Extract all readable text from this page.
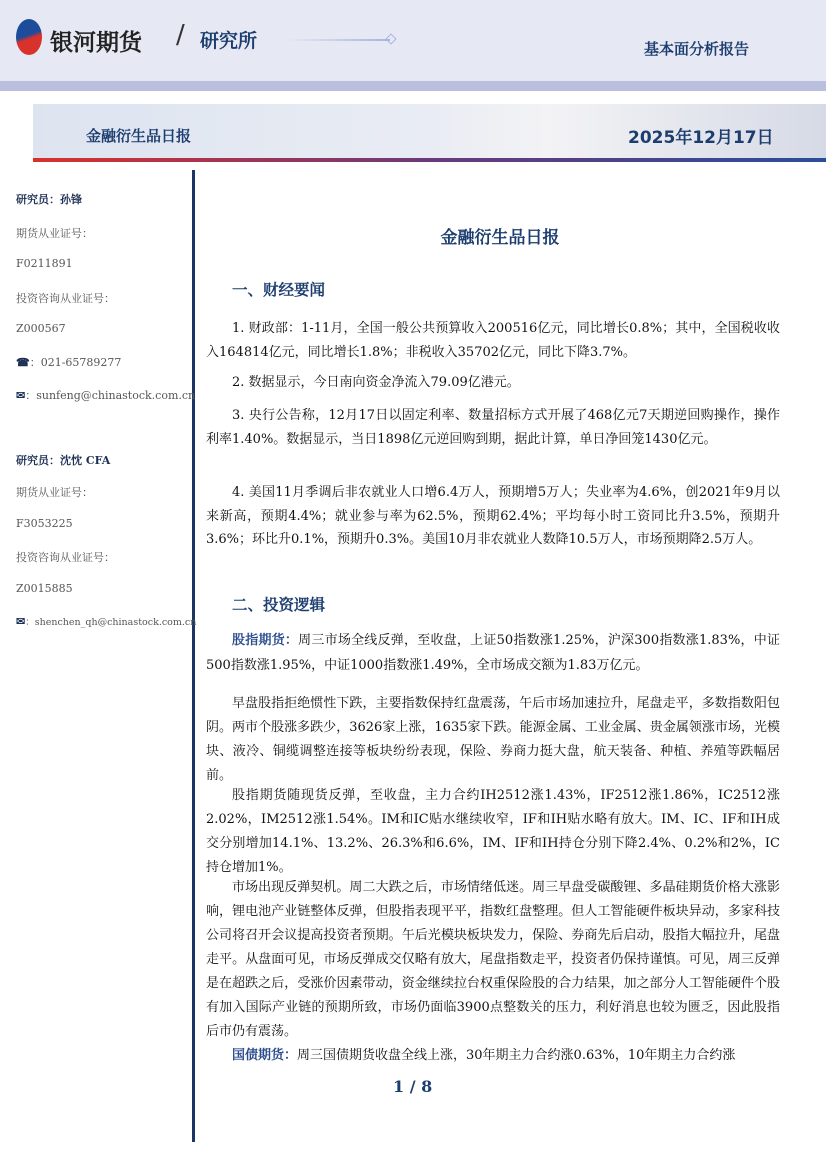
银河期货 / 研究所	基本面分析报告
金融衍生品日报	2025年12月17日
研究员：孙锋
期货从业证号：
F0211891
投资咨询从业证号：
Z000567
☎：021-65789277
✉：sunfeng@chinastock.com.cn
研究员：沈忱 CFA
期货从业证号：
F3053225
投资咨询从业证号：
Z0015885
✉：shenchen_qh@chinastock.com.cn
金融衍生品日报
一、财经要闻

1. 财政部：1-11月，全国一般公共预算收入200516亿元，同比增长0.8%；其中，全国税收收入164814亿元，同比增长1.8%；非税收入35702亿元，同比下降3.7%。

2. 数据显示，今日南向资金净流入79.09亿港元。

3. 央行公告称，12月17日以固定利率、数量招标方式开展了468亿元7天期逆回购操作，操作利率1.40%。数据显示，当日1898亿元逆回购到期，据此计算，单日净回笼1430亿元。

4. 美国11月季调后非农就业人口增6.4万人，预期增5万人；失业率为4.6%，创2021年9月以来新高，预期4.4%；就业参与率为62.5%，预期62.4%；平均每小时工资同比升3.5%，预期升3.6%；环比升0.1%，预期升0.3%。美国10月非农就业人数降10.5万人，市场预期降2.5万人。

二、投资逻辑

股指期货：周三市场全线反弹，至收盘，上证50指数涨1.25%，沪深300指数涨1.83%，中证500指数涨1.95%，中证1000指数涨1.49%，全市场成交额为1.83万亿元。

早盘股指拒绝惯性下跌，主要指数保持红盘震荡，午后市场加速拉升，尾盘走平，多数指数阳包阴。两市个股涨多跌少，3626家上涨，1635家下跌。能源金属、工业金属、贵金属领涨市场，光模块、液冷、铜缆调整连接等板块纷纷表现，保险、券商力挺大盘，航天装备、种植、养殖等跌幅居前。

股指期货随现货反弹，至收盘，主力合约IH2512涨1.43%，IF2512涨1.86%，IC2512涨2.02%，IM2512涨1.54%。IM和IC贴水继续收窄，IF和IH贴水略有放大。IM、IC、IF和IH成交分别增加14.1%、13.2%、26.3%和6.6%，IM、IF和IH持仓分别下降2.4%、0.2%和2%，IC持仓增加1%。

市场出现反弹契机。周二大跌之后，市场情绪低迷。周三早盘受碳酸锂、多晶硅期货价格大涨影响，锂电池产业链整体反弹，但股指表现平平，指数红盘整理。但人工智能硬件板块异动，多家科技公司将召开会议提高投资者预期。午后光模块板块发力，保险、券商先后启动，股指大幅拉升，尾盘走平。从盘面可见，市场反弹成交仅略有放大，尾盘指数走平，投资者仍保持谨慎。可见，周三反弹是在超跌之后，受涨价因素带动，资金继续拉台权重保险股的合力结果，加之部分人工智能硬件个股有加入国际产业链的预期所致，市场仍面临3900点整数关的压力，利好消息也较为匮乏，因此股指后市仍有震荡。

国债期货：周三国债期货收盘全线上涨，30年期主力合约涨0.63%，10年期主力合约涨

1 / 8
